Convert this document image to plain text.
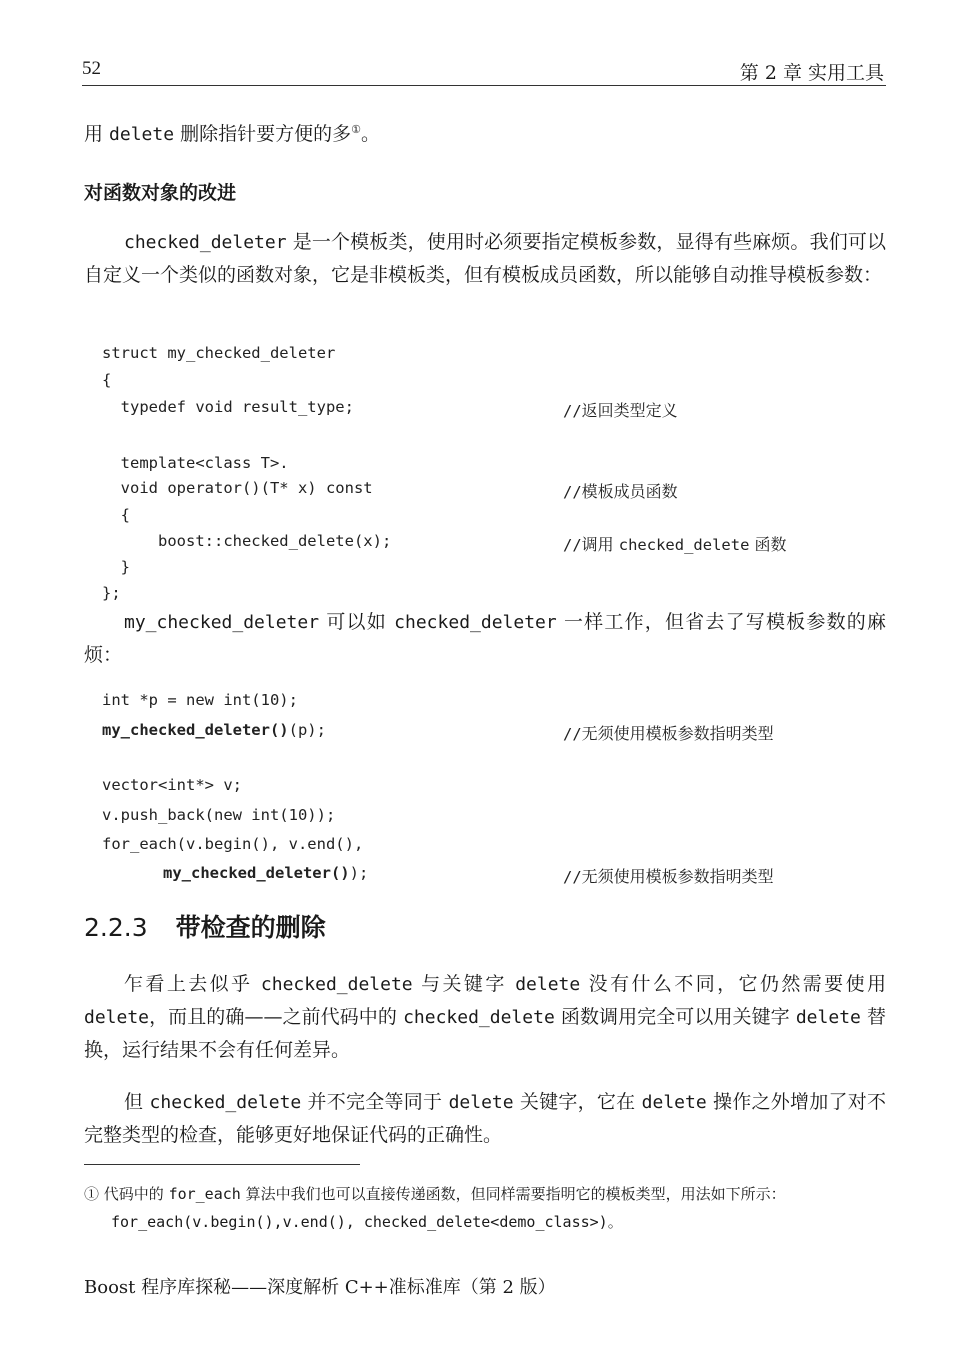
52	第 2 章 实用工具
用 delete 删除指针要方便的多①。
对函数对象的改进
checked_deleter 是一个模板类，使用时必须要指定模板参数，显得有些麻烦。我们可以自定义一个类似的函数对象，它是非模板类，但有模板成员函数，所以能够自动推导模板参数：
struct my_checked_deleter
{
typedef void result_type;
template<class T>.
void operator()(T* x) const
{
boost::checked_delete(x);
}
};
//返回类型定义
//模板成员函数
//调用 checked_delete 函数
my_checked_deleter 可以如 checked_deleter 一样工作，但省去了写模板参数的麻烦：
int *p = new int(10);
my_checked_deleter()(p);
vector<int*> v;
v.push_back(new int(10));
for_each(v.begin(), v.end(),
my_checked_deleter());
//无须使用模板参数指明类型
//无须使用模板参数指明类型
2.2.3 带检查的删除
乍看上去似乎 checked_delete 与关键字 delete 没有什么不同，它仍然需要使用 delete，而且的确——之前代码中的 checked_delete 函数调用完全可以用关键字 delete 替换，运行结果不会有任何差异。
但 checked_delete 并不完全等同于 delete 关键字，它在 delete 操作之外增加了对不完整类型的检查，能够更好地保证代码的正确性。
① 代码中的 for_each 算法中我们也可以直接传递函数，但同样需要指明它的模板类型，用法如下所示：
for_each(v.begin(),v.end(), checked_delete<demo_class>)。
Boost 程序库探秘——深度解析 C++准标准库（第 2 版）
